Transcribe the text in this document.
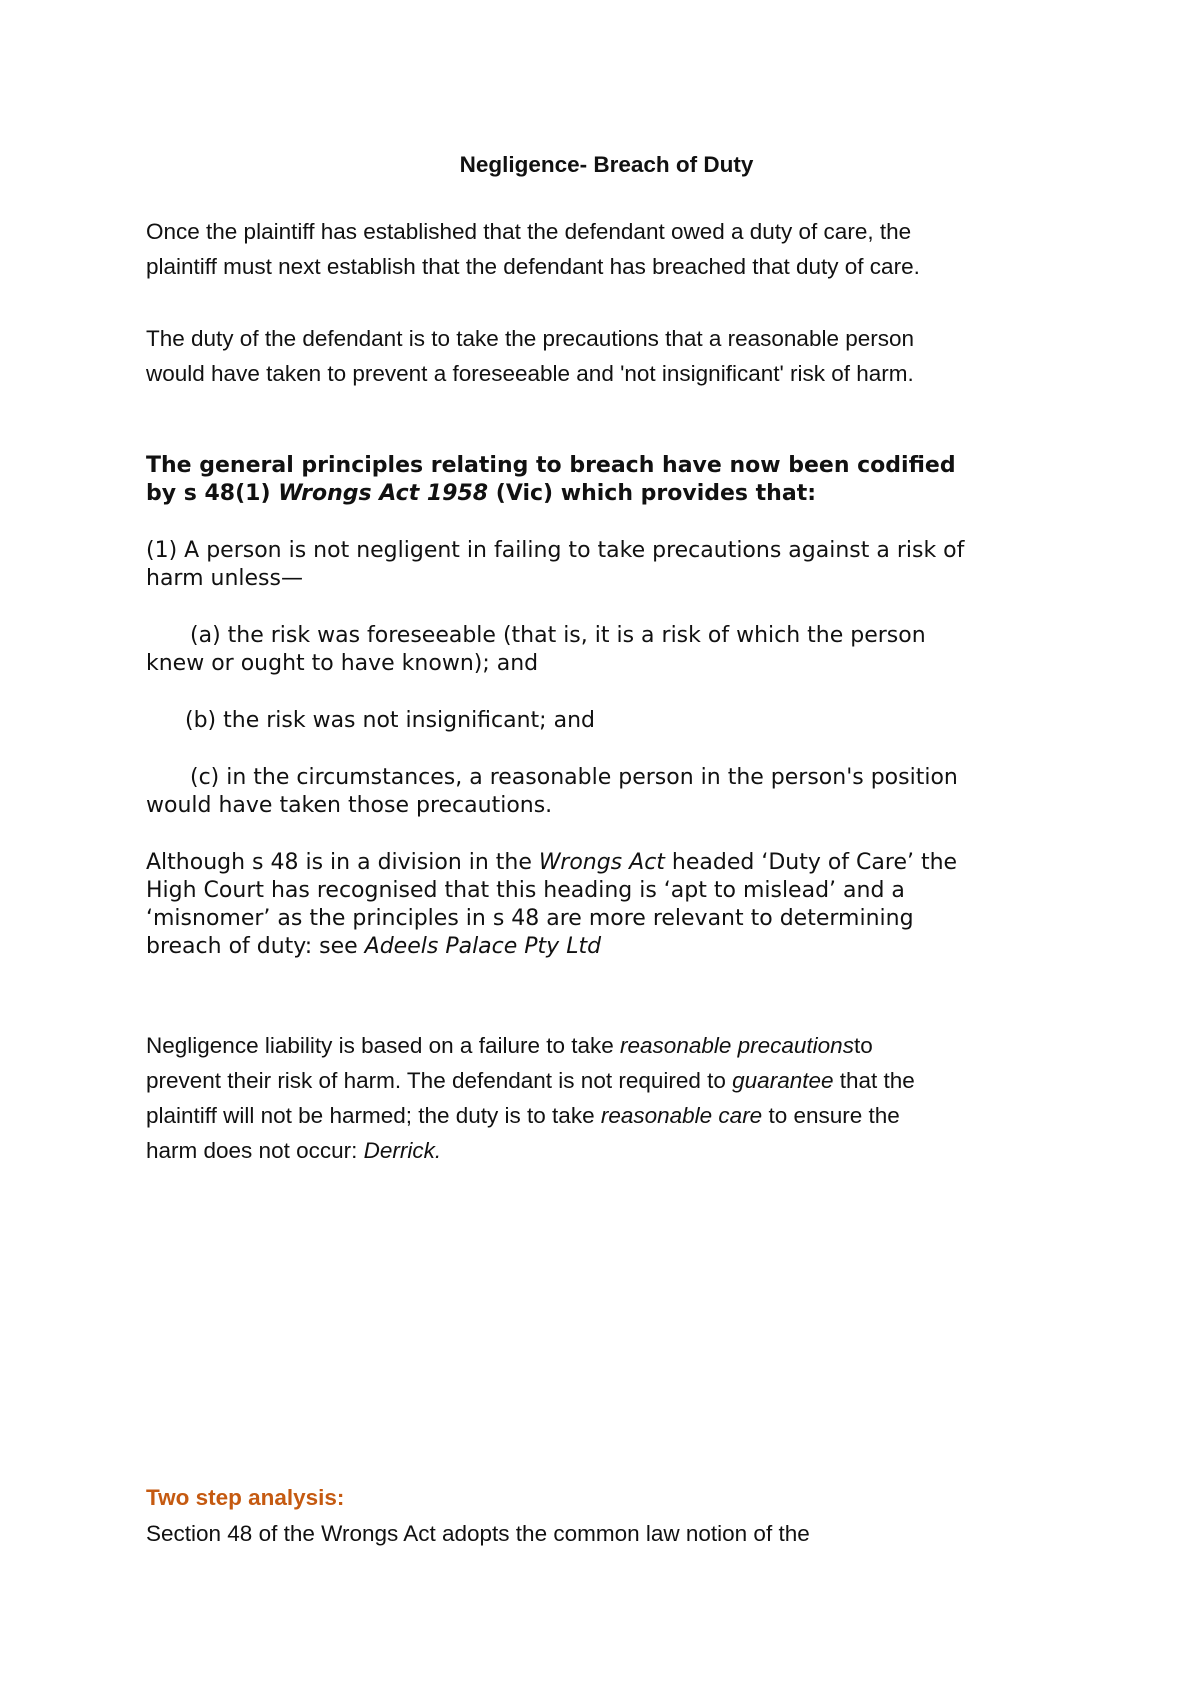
Negligence- Breach of Duty

Once the plaintiff has established that the defendant owed a duty of care, the

plaintiff must next establish that the defendant has breached that duty of care.

The duty of the defendant is to take the precautions that a reasonable person

would have taken to prevent a foreseeable and 'not insignificant' risk of harm.

The general principles relating to breach have now been codified

by s 48(1) Wrongs Act 1958 (Vic) which provides that:

(1) A person is not negligent in failing to take precautions against a risk of

harm unless—

(a) the risk was foreseeable (that is, it is a risk of which the person

knew or ought to have known); and

(b) the risk was not insignificant; and

(c) in the circumstances, a reasonable person in the person's position

would have taken those precautions.

Although s 48 is in a division in the Wrongs Act headed ‘Duty of Care’ the

High Court has recognised that this heading is ‘apt to mislead’ and a

‘misnomer’ as the principles in s 48 are more relevant to determining

breach of duty: see Adeels Palace Pty Ltd

Negligence liability is based on a failure to take reasonable precautionsto

prevent their risk of harm. The defendant is not required to guarantee that the

plaintiff will not be harmed; the duty is to take reasonable care to ensure the

harm does not occur: Derrick.

Two step analysis:

Section 48 of the Wrongs Act adopts the common law notion of the
